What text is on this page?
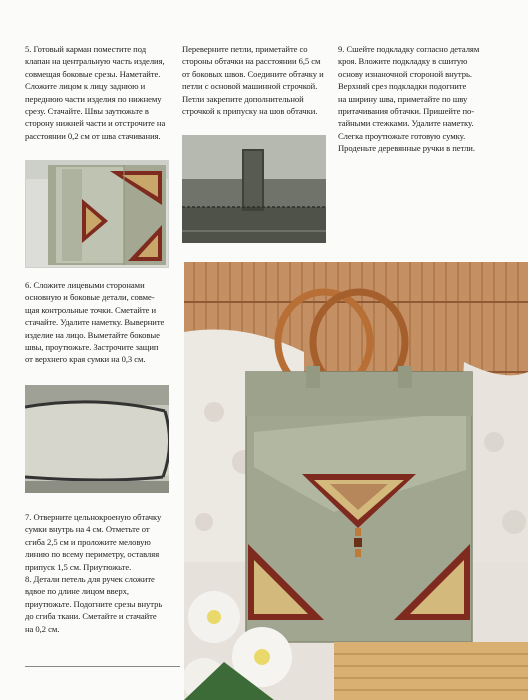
5. Готовый карман поместите под
клапан на центральную часть изделия,
совмещая боковые срезы. Наметайте.
Сложите лицом к лицу заднюю и
переднюю части изделия по нижнему
срезу. Стачайте. Швы заутюжьте в
сторону нижней части и отстрочите на
расстоянии 0,2 см от шва стачивания.
6. Сложите лицевыми сторонами
основную и боковые детали, совме-
щая контрольные точки. Сметайте и
стачайте. Удалите наметку. Выверните
изделие на лицо. Выметайте боковые
швы, проутюжьте. Застрочите защип
от верхнего края сумки на 0,3 см.
7. Отверните цельнокроеную обтачку
сумки внутрь на 4 см. Отметьте от
сгиба 2,5 см и проложите меловую
линию по всему периметру, оставляя
припуск 1,5 см. Приутюжьте.
8. Детали петель для ручек сложите
вдвое по длине лицом вверх,
приутюжьте. Подогните срезы внутрь
до сгиба ткани. Сметайте и стачайте
на 0,2 см.
Переверните петли, приметайте со
стороны обтачки на расстоянии 6,5 см
от боковых швов. Соедините обтачку и
петли с основой машинной строчкой.
Петли закрепите дополнительной
строчкой к припуску на шов обтачки.
9. Сшейте подкладку согласно деталям
кроя. Вложите подкладку в сшитую
основу изнаночной стороной внутрь.
Верхний срез подкладки подогните
на ширину шва, приметайте по шву
притачивания обтачки. Пришейте по-
тайными стежками. Удалите наметку.
Слегка проутюжьте готовую сумку.
Проденьте деревянные ручки в петли.
